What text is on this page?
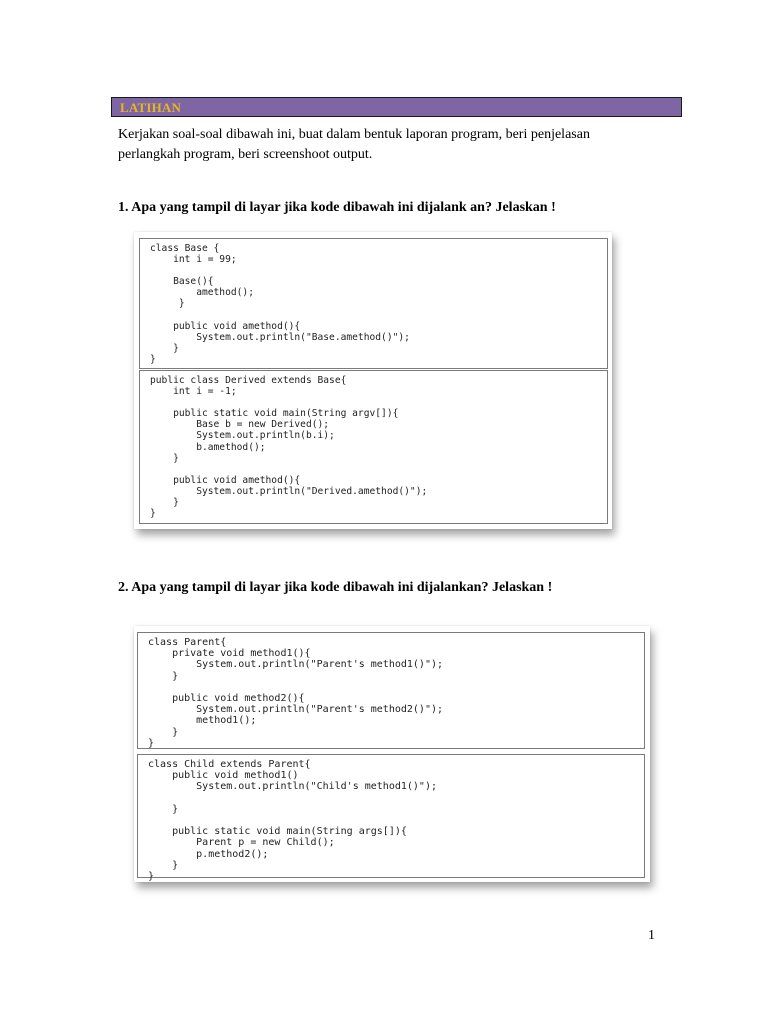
LATIHAN
Kerjakan soal-soal dibawah ini, buat dalam bentuk laporan program, beri penjelasan
perlangkah program, beri screenshoot output.
1. Apa yang tampil di layar jika kode dibawah ini dijalank an? Jelaskan !
class Base {
int i = 99;

Base(){
amethod();
}

public void amethod(){
System.out.println("Base.amethod()");
}
}
public class Derived extends Base{
int i = -1;

public static void main(String argv[]){
Base b = new Derived();
System.out.println(b.i);
b.amethod();
}

public void amethod(){
System.out.println("Derived.amethod()");
}
}
2. Apa yang tampil di layar jika kode dibawah ini dijalankan? Jelaskan !
class Parent{
private void method1(){
System.out.println("Parent's method1()");
}

public void method2(){
System.out.println("Parent's method2()");
method1();
}
}
class Child extends Parent{
public void method1()
System.out.println("Child's method1()");

}

public static void main(String args[]){
Parent p = new Child();
p.method2();
}
}
1
